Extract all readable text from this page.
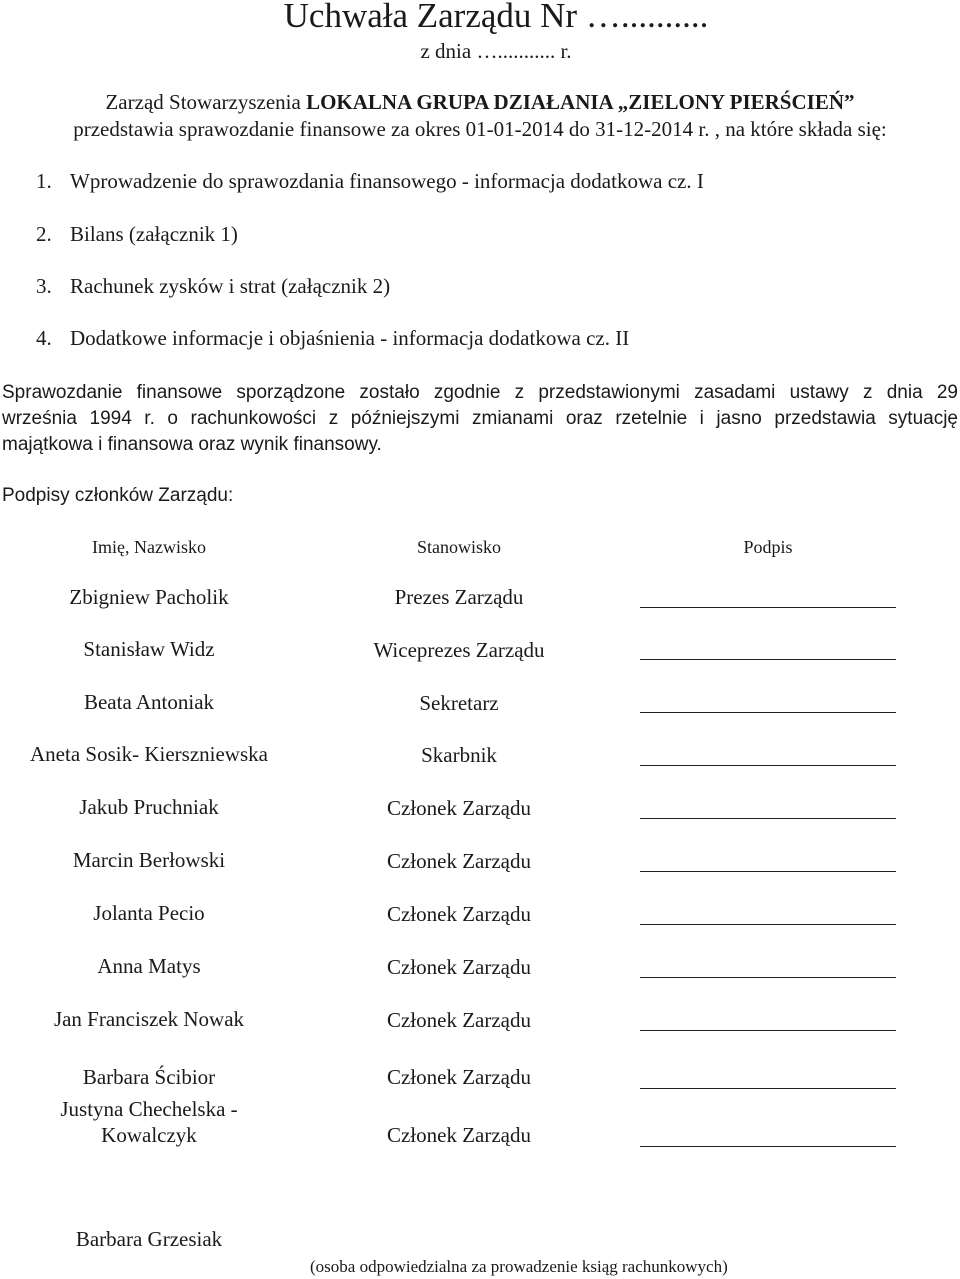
Uchwała Zarządu Nr …..........
z dnia …........... r.
Zarząd Stowarzyszenia LOKALNA GRUPA DZIAŁANIA „ZIELONY PIERŚCIEŃ”
przedstawia sprawozdanie finansowe za okres 01-01-2014 do 31-12-2014 r. , na które składa się:
1. Wprowadzenie do sprawozdania finansowego - informacja dodatkowa cz. I
2. Bilans (załącznik 1)
3. Rachunek zysków i strat (załącznik 2)
4. Dodatkowe informacje i objaśnienia - informacja dodatkowa cz. II
Sprawozdanie finansowe sporządzone zostało zgodnie z przedstawionymi zasadami ustawy z dnia 29
września 1994 r. o rachunkowości z późniejszymi zmianami oraz rzetelnie i jasno przedstawia sytuację
majątkowa i finansowa oraz wynik finansowy.
Podpisy członków Zarządu:
Imię, Nazwisko	Stanowisko	Podpis
Zbigniew Pacholik	Prezes Zarządu
Stanisław Widz	Wiceprezes Zarządu
Beata Antoniak	Sekretarz
Aneta Sosik- Kierszniewska	Skarbnik
Jakub Pruchniak	Członek Zarządu
Marcin Berłowski	Członek Zarządu
Jolanta Pecio	Członek Zarządu
Anna Matys	Członek Zarządu
Jan Franciszek Nowak	Członek Zarządu
Barbara Ścibior	Członek Zarządu
Justyna Chechelska -
Kowalczyk	Członek Zarządu
Barbara Grzesiak
(osoba odpowiedzialna za prowadzenie ksiąg rachunkowych)
